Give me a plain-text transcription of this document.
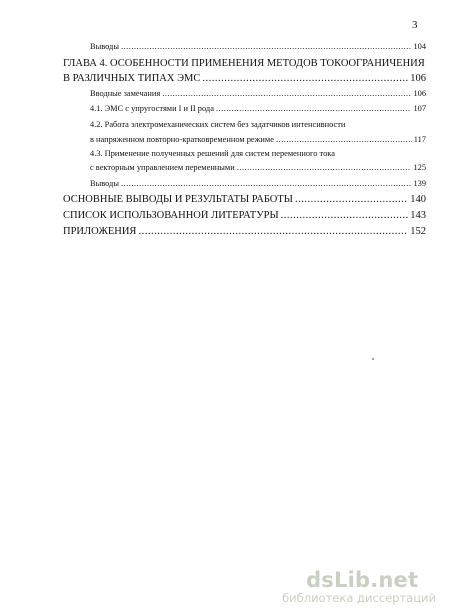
3
Выводы .....	104
ГЛАВА 4. ОСОБЕННОСТИ ПРИМЕНЕНИЯ МЕТОДОВ ТОКООГРАНИЧЕНИЯ
В РАЗЛИЧНЫХ ТИПАХ ЭМС .....	106
Вводные замечания .....	106
4.1. ЭМС с упругостями I и II рода .....	107
4.2. Работа электромеханических систем без задатчиков интенсивности
в напряженном повторно-кратковременном режиме .....	117
4.3. Применение полученных решений для систем переменного тока
с векторным управлением переменными .....	125
Выводы .....	139
ОСНОВНЫЕ ВЫВОДЫ И РЕЗУЛЬТАТЫ РАБОТЫ .....	140
СПИСОК ИСПОЛЬЗОВАННОЙ ЛИТЕРАТУРЫ .....	143
ПРИЛОЖЕНИЯ .....	152
dsLib.net
библиотека диссертаций
